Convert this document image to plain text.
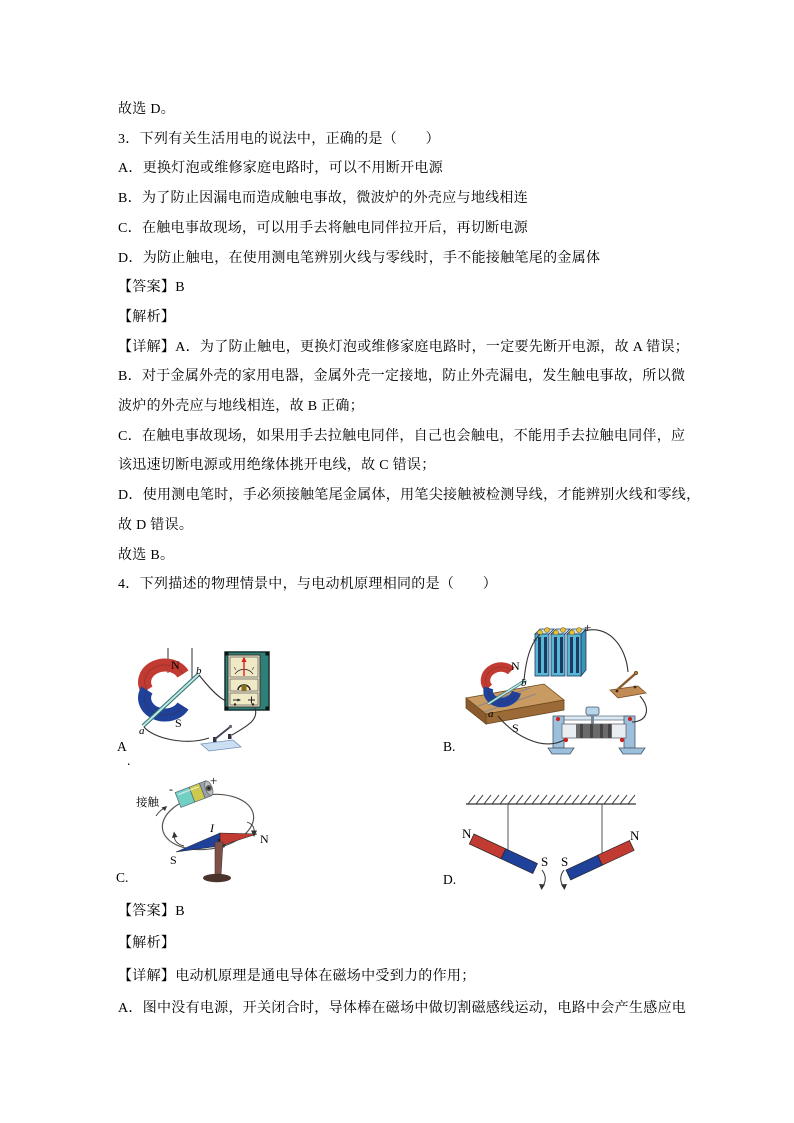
故选 D。

3．下列有关生活用电的说法中，正确的是（　　）

A．更换灯泡或维修家庭电路时，可以不用断开电源

B．为了防止因漏电而造成触电事故，微波炉的外壳应与地线相连

C．在触电事故现场，可以用手去将触电同伴拉开后，再切断电源

D．为防止触电，在使用测电笔辨别火线与零线时，手不能接触笔尾的金属体

【答案】B

【解析】

【详解】A．为了防止触电，更换灯泡或维修家庭电路时，一定要先断开电源，故 A 错误；

B．对于金属外壳的家用电器，金属外壳一定接地，防止外壳漏电，发生触电事故，所以微

波炉的外壳应与地线相连，故 B 正确；

C．在触电事故现场，如果用手去拉触电同伴，自己也会触电，不能用手去拉触电同伴，应

该迅速切断电源或用绝缘体挑开电线，故 C 错误；

D．使用测电笔时，手必须接触笔尾金属体，用笔尖接触被检测导线，才能辨别火线和零线，

故 D 错误。

故选 B。

4．下列描述的物理情景中，与电动机原理相同的是（　　）

A
.
N b
a
S
B.
N
b
a
S
-
+
C.
I
-
+
接触
S
N
D.
N
S S
N

【答案】B

【解析】

【详解】电动机原理是通电导体在磁场中受到力的作用；

A．图中没有电源，开关闭合时，导体棒在磁场中做切割磁感线运动，电路中会产生感应电
